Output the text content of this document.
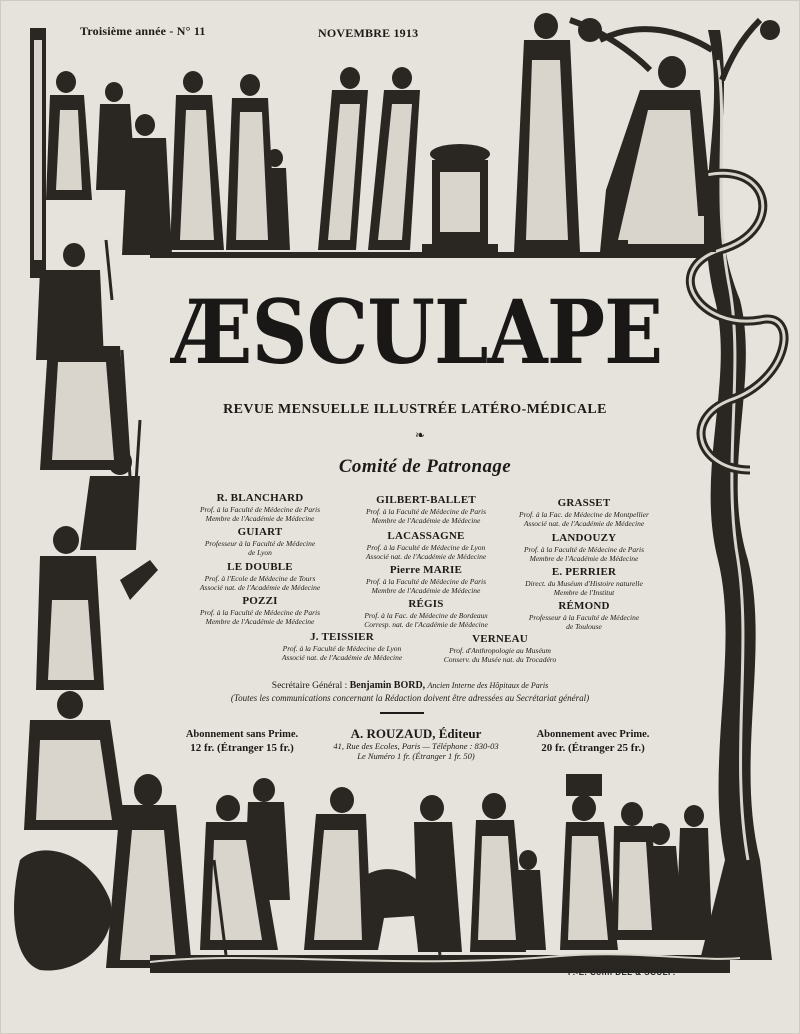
Troisième année - N° 11	NOVEMBRE 1913
ÆSCULAPE
REVUE MENSUELLE ILLUSTRÉE LATÉRO-MÉDICALE
❧
Comité de Patronage
R. BLANCHARD
Prof. à la Faculté de Médecine de Paris
Membre de l'Académie de Médecine
GILBERT-BALLET
Prof. à la Faculté de Médecine de Paris
Membre de l'Académie de Médecine
GRASSET
Prof. à la Fac. de Médecine de Montpellier
Associé nat. de l'Académie de Médecine
GUIART
Professeur à la Faculté de Médecine
de Lyon
LACASSAGNE
Prof. à la Faculté de Médecine de Lyon
Associé nat. de l'Académie de Médecine
LANDOUZY
Prof. à la Faculté de Médecine de Paris
Membre de l'Académie de Médecine
LE DOUBLE
Prof. à l'Ecole de Médecine de Tours
Associé nat. de l'Académie de Médecine
Pierre MARIE
Prof. à la Faculté de Médecine de Paris
Membre de l'Académie de Médecine
E. PERRIER
Direct. du Muséum d'Histoire naturelle
Membre de l'Institut
POZZI
Prof. à la Faculté de Médecine de Paris
Membre de l'Académie de Médecine
RÉGIS
Prof. à la Fac. de Médecine de Bordeaux
Corresp. nat. de l'Académie de Médecine
RÉMOND
Professeur à la Faculté de Médecine
de Toulouse
J. TEISSIER
Prof. à la Faculté de Médecine de Lyon
Associé nat. de l'Académie de Médecine
VERNEAU
Prof. d'Anthropologie au Muséum
Conserv. du Musée nat. du Trocadéro
Secrétaire Général : Benjamin BORD, Ancien Interne des Hôpitaux de Paris
(Toutes les communications concernant la Rédaction doivent être adressées au Secrétariat général)
Abonnement sans Prime.
12 fr. (Étranger 15 fr.)
A. ROUZAUD, Éditeur
41, Rue des Ecoles, Paris — Téléphone : 830-03
Le Numéro 1 fr. (Étranger 1 fr. 50)
Abonnement avec Prime.
20 fr. (Étranger 25 fr.)
P.-E. Colin DEL & SCULP.
